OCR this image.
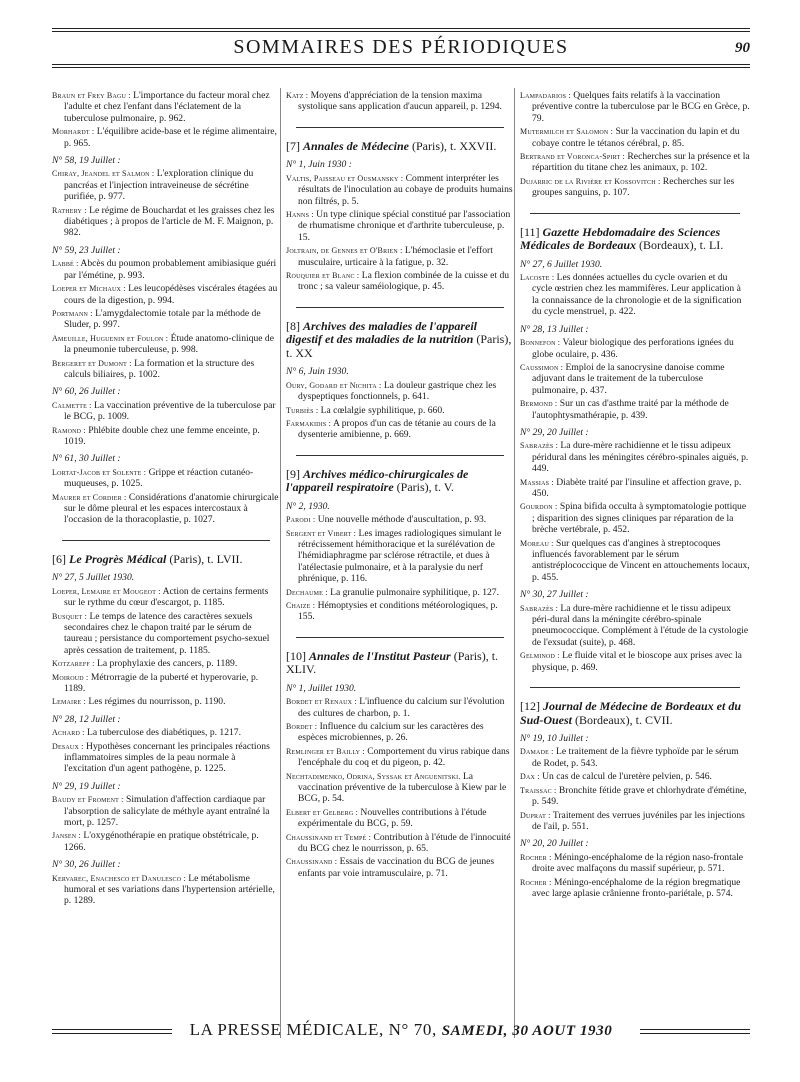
SOMMAIRES DES PÉRIODIQUES	90
Braun et Frey Bagu : L'importance du facteur moral chez l'adulte et chez l'enfant dans l'éclatement de la tuberculose pulmonaire, p. 962.
Morhardt : L'équilibre acide-base et le régime alimentaire, p. 965.
N° 58, 19 Juillet :
Chiray, Jeandel et Salmon : L'exploration clinique du pancréas et l'injection intraveineuse de sécrétine purifiée, p. 977.
Rathery : Le régime de Bouchardat et les graisses chez les diabétiques ; à propos de l'article de M. F. Maignon, p. 982.
N° 59, 23 Juillet :
Labbé : Abcès du poumon probablement amibiasique guéri par l'émétine, p. 993.
Loeper et Michaux : Les leucopédèses viscérales étagées au cours de la digestion, p. 994.
Portmann : L'amygdalectomie totale par la méthode de Sluder, p. 997.
Ameuille, Huguenin et Foulon : Étude anatomo-clinique de la pneumonie tuberculeuse, p. 998.
Bergeret et Dumont : La formation et la structure des calculs biliaires, p. 1002.
N° 60, 26 Juillet :
Calmette : La vaccination préventive de la tuberculose par le BCG, p. 1009.
Ramond : Phlébite double chez une femme enceinte, p. 1019.
N° 61, 30 Juillet :
Lortat-Jacob et Solente : Grippe et réaction cutanéo-muqueuses, p. 1025.
Maurer et Cordier : Considérations d'anatomie chirurgicale sur le dôme pleural et les espaces intercostaux à l'occasion de la thoracoplastie, p. 1027.
[6] Le Progrès Médical (Paris), t. LVII.
N° 27, 5 Juillet 1930.
Loeper, Lemaire et Mougeot : Action de certains ferments sur le rythme du cœur d'escargot, p. 1185.
Busquet : Le temps de latence des caractères sexuels secondaires chez le chapon traité par le sérum de taureau ; persistance du comportement psycho-sexuel après cessation de traitement, p. 1185.
Kotzareff : La prophylaxie des cancers, p. 1189.
Moiroud : Métrorragie de la puberté et hyperovarie, p. 1189.
Lemaire : Les régimes du nourrisson, p. 1190.
N° 28, 12 Juillet :
Achard : La tuberculose des diabétiques, p. 1217.
Desaux : Hypothèses concernant les principales réactions inflammatoires simples de la peau normale à l'excitation d'un agent pathogène, p. 1225.
N° 29, 19 Juillet :
Baudy et Froment : Simulation d'affection cardiaque par l'absorption de salicylate de méthyle ayant entraîné la mort, p. 1257.
Jansen : L'oxygénothérapie en pratique obstétricale, p. 1266.
N° 30, 26 Juillet :
Kervarec, Enachesco et Danulesco : Le métabolisme humoral et ses variations dans l'hypertension artérielle, p. 1289.
Katz : Moyens d'appréciation de la tension maxima systolique sans application d'aucun appareil, p. 1294.
[7] Annales de Médecine (Paris), t. XXVII.
N° 1, Juin 1930 :
Valtis, Paisseau et Ousmansky : Comment interpréter les résultats de l'inoculation au cobaye de produits humains non filtrés, p. 5.
Hanns : Un type clinique spécial constitué par l'association de rhumatisme chronique et d'arthrite tuberculeuse, p. 15.
Joltrain, de Gennes et O'Brien : L'hémoclasie et l'effort musculaire, urticaire à la fatigue, p. 32.
Rouquier et Blanc : La flexion combinée de la cuisse et du tronc ; sa valeur saméiologique, p. 45.
[8] Archives des maladies de l'appareil digestif et des maladies de la nutrition (Paris), t. XX
N° 6, Juin 1930.
Oury, Godard et Nichita : La douleur gastrique chez les dyspeptiques fonctionnels, p. 641.
Turbiès : La cœlalgie syphilitique, p. 660.
Farmakidis : A propos d'un cas de tétanie au cours de la dysenterie amibienne, p. 669.
[9] Archives médico-chirurgicales de l'appareil respiratoire (Paris), t. V.
N° 2, 1930.
Parodi : Une nouvelle méthode d'auscultation, p. 93.
Sergent et Vibert : Les images radiologiques simulant le rétrécissement hémithoracique et la surélévation de l'hémidiaphragme par sclérose rétractile, et dues à l'atélectasie pulmonaire, et à la paralysie du nerf phrénique, p. 116.
Dechaume : La granulie pulmonaire syphilitique, p. 127.
Chaize : Hémoptysies et conditions météorologiques, p. 155.
[10] Annales de l'Institut Pasteur (Paris), t. XLIV.
N° 1, Juillet 1930.
Bordet et Renaux : L'influence du calcium sur l'évolution des cultures de charbon, p. 1.
Bordet : Influence du calcium sur les caractères des espèces microbiennes, p. 26.
Remlinger et Bailly : Comportement du virus rabique dans l'encéphale du coq et du pigeon, p. 42.
Nechtadimenko, Odrina, Syssak et Anguenitski. La vaccination préventive de la tuberculose à Kiew par le BCG, p. 54.
Elbert et Gelberg : Nouvelles contributions à l'étude expérimentale du BCG, p. 59.
Chaussinand et Tempé : Contribution à l'étude de l'innocuité du BCG chez le nourrisson, p. 65.
Chaussinand : Essais de vaccination du BCG de jeunes enfants par voie intramusculaire, p. 71.
Lampadarios : Quelques faits relatifs à la vaccination préventive contre la tuberculose par le BCG en Grèce, p. 79.
Mutermilch et Salomon : Sur la vaccination du lapin et du cobaye contre le tétanos cérébral, p. 85.
Bertrand et Voronca-Spirt : Recherches sur la présence et la répartition du titane chez les animaux, p. 102.
Dujarric de la Rivière et Kossovitch : Recherches sur les groupes sanguins, p. 107.
[11] Gazette Hebdomadaire des Sciences Médicales de Bordeaux (Bordeaux), t. LI.
N° 27, 6 Juillet 1930.
Lacoste : Les données actuelles du cycle ovarien et du cycle œstrien chez les mammifères. Leur application à la connaissance de la chronologie et de la signification du cycle menstruel, p. 422.
N° 28, 13 Juillet :
Bonnefon : Valeur biologique des perforations ignées du globe oculaire, p. 436.
Caussimon : Emploi de la sanocrysine danoise comme adjuvant dans le traitement de la tuberculose pulmonaire, p. 437.
Bermond : Sur un cas d'asthme traité par la méthode de l'autophtysmathérapie, p. 439.
N° 29, 20 Juillet :
Sabrazès : La dure-mère rachidienne et le tissu adipeux péridural dans les méningites cérébro-spinales aiguës, p. 449.
Massias : Diabète traité par l'insuline et affection grave, p. 450.
Gourdon : Spina bifida occulta à symptomatologie pottique ; disparition des signes cliniques par réparation de la brèche vertébrale, p. 452.
Moreau : Sur quelques cas d'angines à streptocoques influencés favorablement par le sérum antistréplococcique de Vincent en attouchements locaux, p. 455.
N° 30, 27 Juillet :
Sabrazès : La dure-mère rachidienne et le tissu adipeux péri-dural dans la méningite cérébro-spinale pneumococcique. Complément à l'étude de la cystologie de l'exsudat (suite), p. 468.
Gelminod : Le fluide vital et le bioscope aux prises avec la physique, p. 469.
[12] Journal de Médecine de Bordeaux et du Sud-Ouest (Bordeaux), t. CVII.
N° 19, 10 Juillet :
Damade : Le traitement de la fièvre typhoïde par le sérum de Rodet, p. 543.
Dax : Un cas de calcul de l'uretère pelvien, p. 546.
Traissac : Bronchite fétide grave et chlorhydrate d'émétine, p. 549.
Duprat : Traitement des verrues juvéniles par les injections de l'ail, p. 551.
N° 20, 20 Juillet :
Rocher : Méningo-encéphalome de la région naso-frontale droite avec malfaçons du massif supérieur, p. 571.
Rocher : Méningo-encéphalome de la région bregmatique avec large aplasie crânienne fronto-pariétale, p. 574.
LA PRESSE MÉDICALE, N° 70, SAMEDI, 30 AOUT 1930
